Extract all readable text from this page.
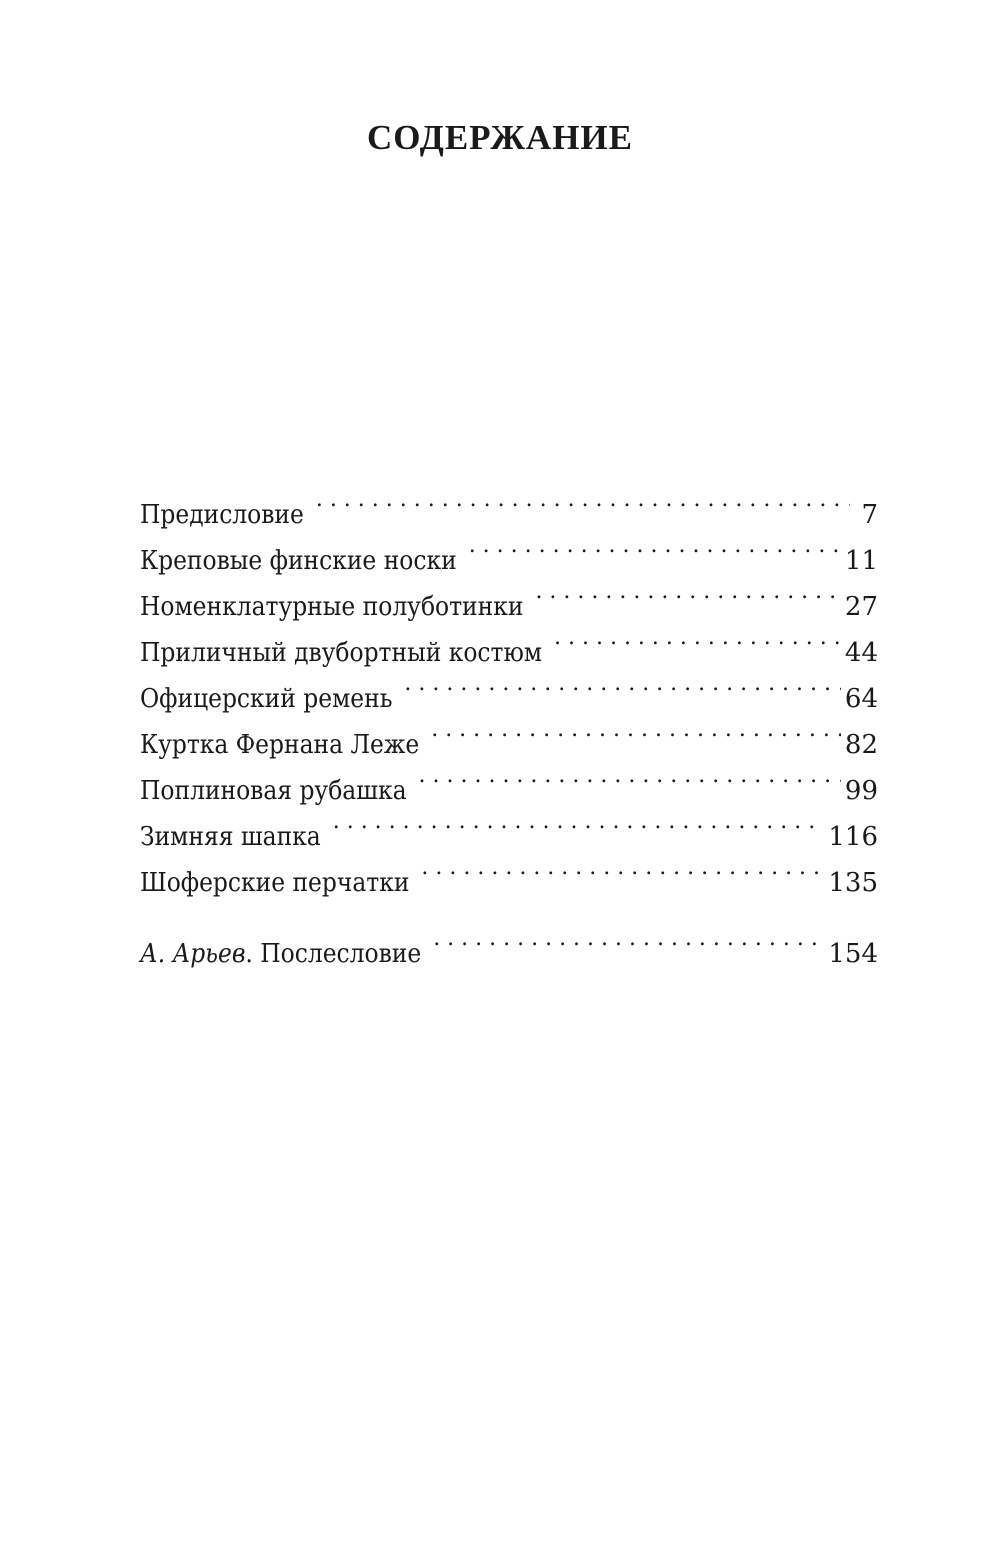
СОДЕРЖАНИЕ
Предисловие . . .	7
Креповые финские носки . . .	11
Номенклатурные полуботинки . . .	27
Приличный двубортный костюм . . .	44
Офицерский ремень . . .	64
Куртка Фернана Леже . . .	82
Поплиновая рубашка . . .	99
Зимняя шапка . . .	116
Шоферские перчатки . . .	135
А. Арьев. Послесловие . . .	154
